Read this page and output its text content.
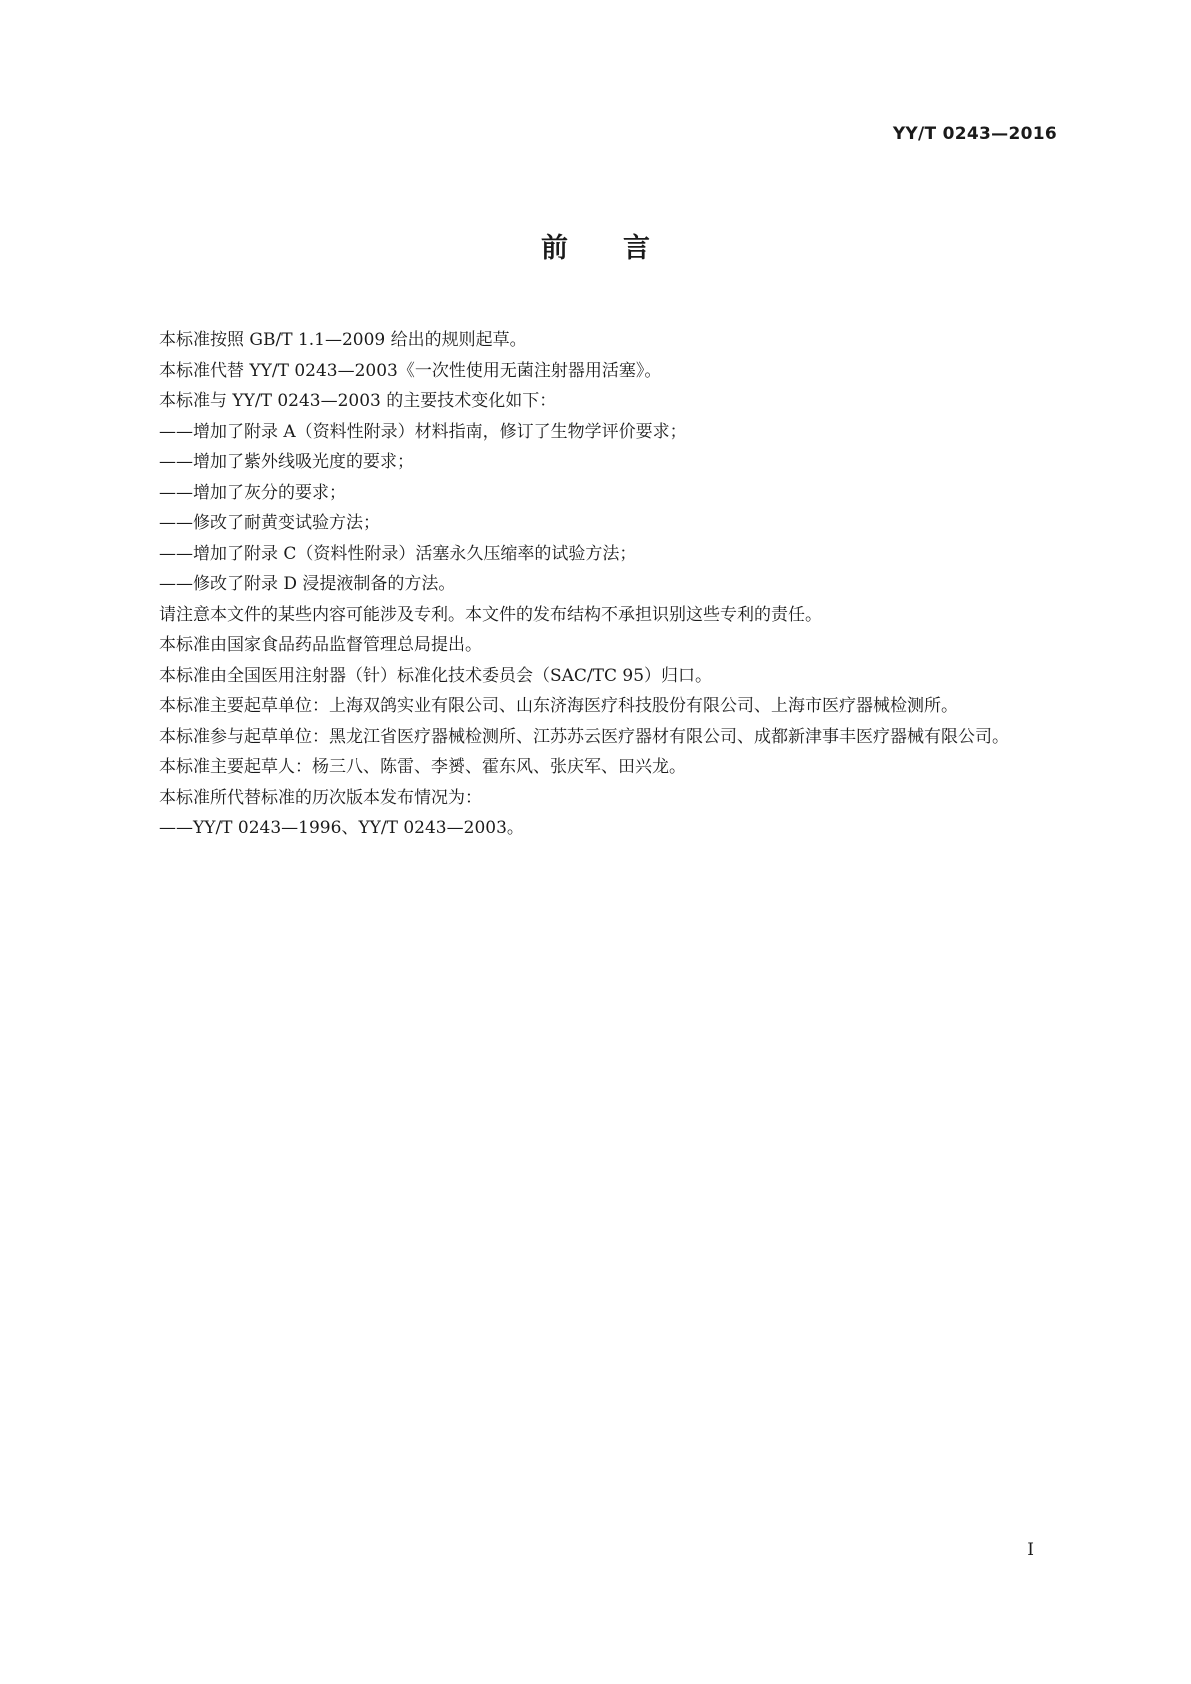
YY/T 0243—2016
前言

本标准按照 GB/T 1.1—2009 给出的规则起草。

本标准代替 YY/T 0243—2003《一次性使用无菌注射器用活塞》。

本标准与 YY/T 0243—2003 的主要技术变化如下：

——增加了附录 A（资料性附录）材料指南，修订了生物学评价要求；

——增加了紫外线吸光度的要求；

——增加了灰分的要求；

——修改了耐黄变试验方法；

——增加了附录 C（资料性附录）活塞永久压缩率的试验方法；

——修改了附录 D 浸提液制备的方法。

请注意本文件的某些内容可能涉及专利。本文件的发布结构不承担识别这些专利的责任。

本标准由国家食品药品监督管理总局提出。

本标准由全国医用注射器（针）标准化技术委员会（SAC/TC 95）归口。

本标准主要起草单位：上海双鸽实业有限公司、山东济海医疗科技股份有限公司、上海市医疗器械检测所。

本标准参与起草单位：黑龙江省医疗器械检测所、江苏苏云医疗器材有限公司、成都新津事丰医疗器械有限公司。

本标准主要起草人：杨三八、陈雷、李赟、霍东风、张庆军、田兴龙。

本标准所代替标准的历次版本发布情况为：

——YY/T 0243—1996、YY/T 0243—2003。

I
